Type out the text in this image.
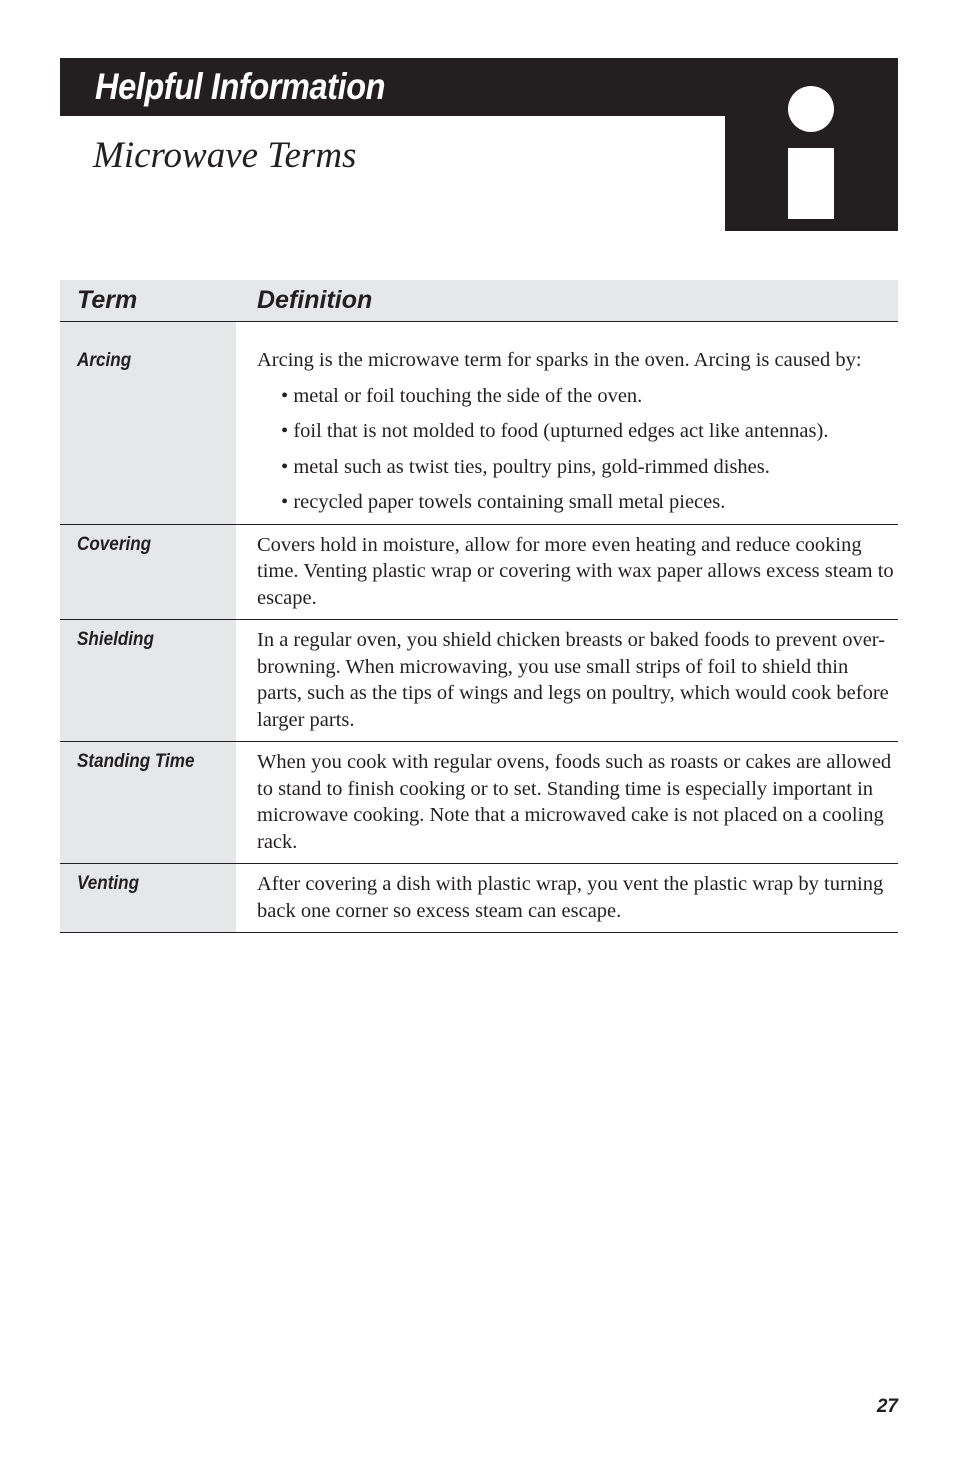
Helpful Information
Microwave Terms
Term	Definition
Arcing	Arcing is the microwave term for sparks in the oven. Arcing is caused by:

• metal or foil touching the side of the oven.
• foil that is not molded to food (upturned edges act like antennas).
• metal such as twist ties, poultry pins, gold-rimmed dishes.
• recycled paper towels containing small metal pieces.
Covering	Covers hold in moisture, allow for more even heating and reduce cooking time. Venting plastic wrap or covering with wax paper allows excess steam to escape.

Shielding	In a regular oven, you shield chicken breasts or baked foods to prevent over-browning. When microwaving, you use small strips of foil to shield thin parts, such as the tips of wings and legs on poultry, which would cook before larger parts.

Standing Time	When you cook with regular ovens, foods such as roasts or cakes are allowed to stand to finish cooking or to set. Standing time is especially important in microwave cooking. Note that a microwaved cake is not placed on a cooling rack.

Venting	After covering a dish with plastic wrap, you vent the plastic wrap by turning back one corner so excess steam can escape.

27
